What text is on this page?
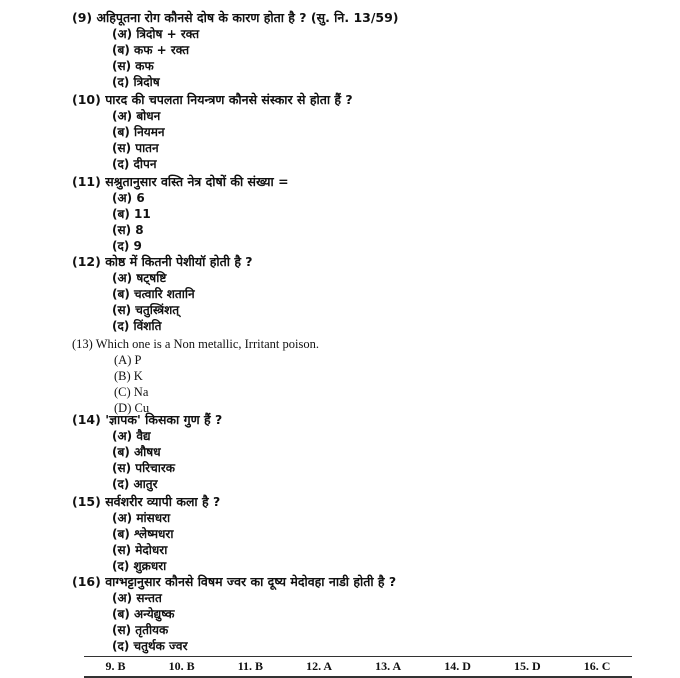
(9) अहिपूतना रोग कौनसे दोष के कारण होता है ? (सु. नि. 13/59)
(अ) त्रिदोष + रक्त
(ब) कफ + रक्त
(स) कफ
(द) त्रिदोष
(10) पारद की चपलता नियन्त्रण कौनसे संस्कार से होता हैं ?
(अ) बोधन
(ब) नियमन
(स) पातन
(द) दीपन
(11) सश्रुतानुसार वस्ति नेत्र दोषों की संख्या =
(अ) 6
(ब) 11
(स) 8
(द) 9
(12) कोष्ठ में कितनी पेशीयॉ होती है ?
(अ) षट्षष्टि
(ब) चत्वारि शतानि
(स) चतुस्त्रिंशत्
(द) विंशति
(13) Which one is a Non metallic, Irritant poison.
(A) P
(B) K
(C) Na
(D) Cu
(14) 'ज्ञापक' किसका गुण हैं ?
(अ) वैद्य
(ब) औषध
(स) परिचारक
(द) आतुर
(15) सर्वशरीर व्यापी कला है ?
(अ) मांसधरा
(ब) श्लेष्मधरा
(स) मेदोधरा
(द) शुक्रधरा
(16) वाग्भट्टानुसार कौनसे विषम ज्वर का दूष्य मेदोवहा नाडी होती है ?
(अ) सन्तत
(ब) अन्येद्युष्क
(स) तृतीयक
(द) चतुर्थक ज्वर
9. B	10. B	11. B	12. A	13. A	14. D	15. D	16. C
